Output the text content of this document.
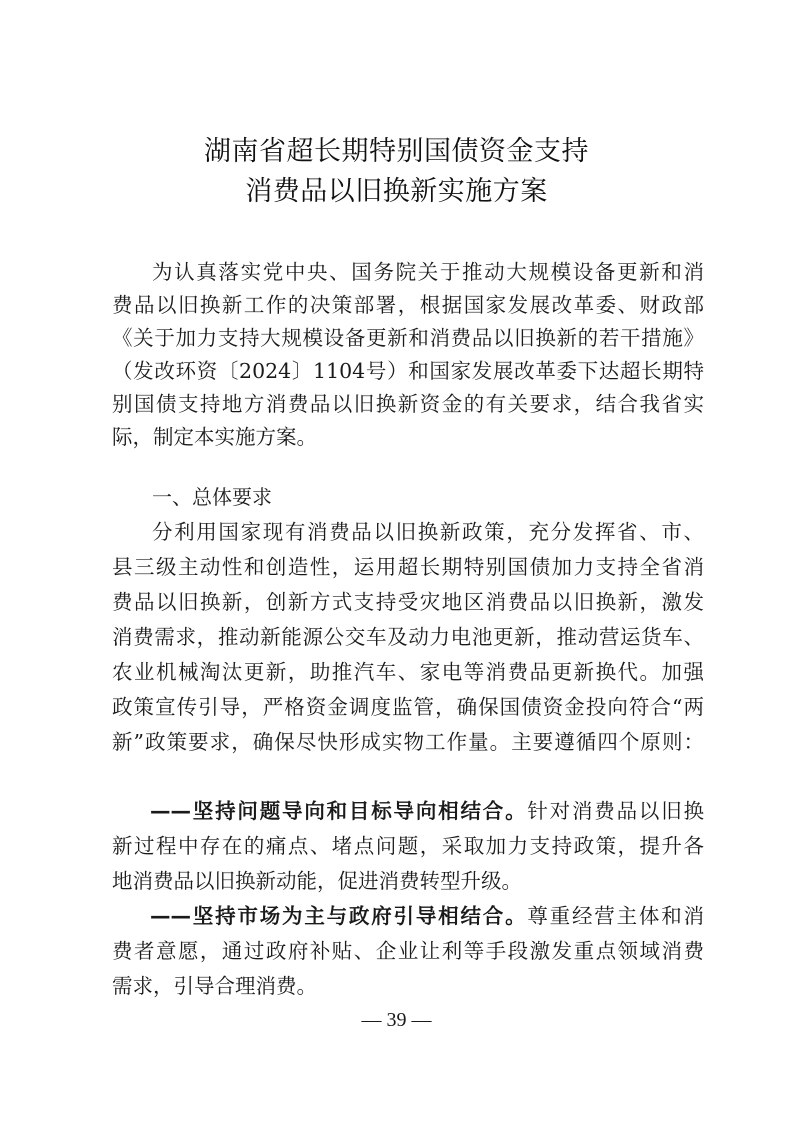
湖南省超长期特别国债资金支持
消费品以旧换新实施方案
为认真落实党中央、国务院关于推动大规模设备更新和消
费品以旧换新工作的决策部署，根据国家发展改革委、财政部
《关于加力支持大规模设备更新和消费品以旧换新的若干措施》
（发改环资〔2024〕1104号）和国家发展改革委下达超长期特
别国债支持地方消费品以旧换新资金的有关要求，结合我省实
际，制定本实施方案。
一、总体要求
分利用国家现有消费品以旧换新政策，充分发挥省、市、
县三级主动性和创造性，运用超长期特别国债加力支持全省消
费品以旧换新，创新方式支持受灾地区消费品以旧换新，激发
消费需求，推动新能源公交车及动力电池更新，推动营运货车、
农业机械淘汰更新，助推汽车、家电等消费品更新换代。加强
政策宣传引导，严格资金调度监管，确保国债资金投向符合“两
新”政策要求，确保尽快形成实物工作量。主要遵循四个原则：
——坚持问题导向和目标导向相结合。针对消费品以旧换
新过程中存在的痛点、堵点问题，采取加力支持政策，提升各
地消费品以旧换新动能，促进消费转型升级。
——坚持市场为主与政府引导相结合。尊重经营主体和消
费者意愿，通过政府补贴、企业让利等手段激发重点领域消费
需求，引导合理消费。
— 39 —
